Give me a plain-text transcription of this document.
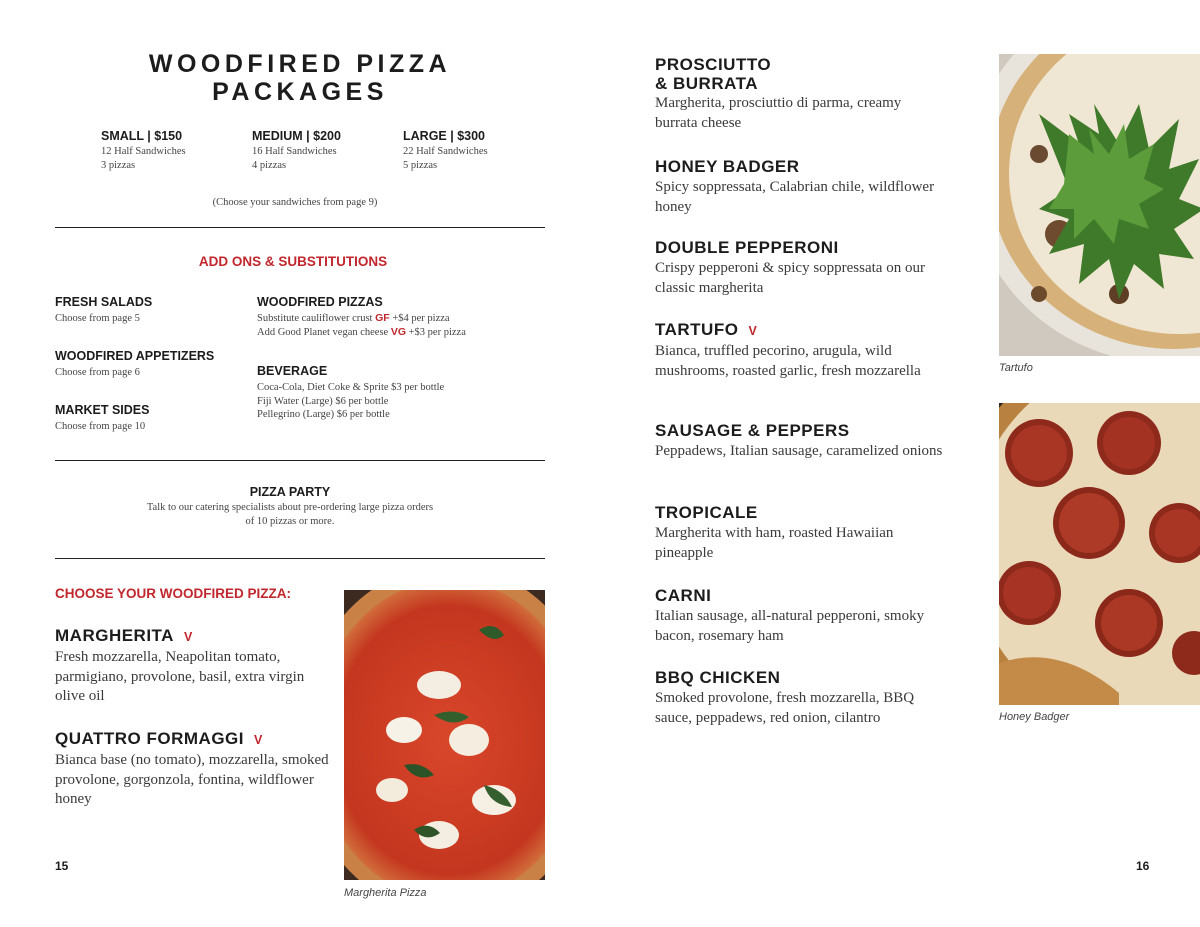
WOODFIRED PIZZA
PACKAGES
SMALL | $150
12 Half Sandwiches
3 pizzas
MEDIUM | $200
16 Half Sandwiches
4 pizzas
LARGE | $300
22 Half Sandwiches
5 pizzas
(Choose your sandwiches from page 9)
ADD ONS & SUBSTITUTIONS
FRESH SALADS
Choose from page 5
WOODFIRED APPETIZERS
Choose from page 6
MARKET SIDES
Choose from page 10
WOODFIRED PIZZAS
Substitute cauliflower crust GF +$4 per pizza
Add Good Planet vegan cheese VG +$3 per pizza
BEVERAGE
Coca-Cola, Diet Coke & Sprite $3 per bottle
Fiji Water (Large) $6 per bottle
Pellegrino (Large) $6 per bottle
PIZZA PARTY
Talk to our catering specialists about pre-ordering large pizza orders
of 10 pizzas or more.
CHOOSE YOUR WOODFIRED PIZZA:
MARGHERITA V
Fresh mozzarella, Neapolitan tomato, parmigiano, provolone, basil, extra virgin olive oil
QUATTRO FORMAGGI V
Bianca base (no tomato), mozzarella, smoked provolone, gorgonzola, fontina, wildflower honey
Margherita Pizza
15
PROSCIUTTO
& BURRATA
Margherita, prosciuttio di parma, creamy burrata cheese
HONEY BADGER
Spicy soppressata, Calabrian chile, wildflower honey
DOUBLE PEPPERONI
Crispy pepperoni & spicy soppressata on our classic margherita
TARTUFO V
Bianca, truffled pecorino, arugula, wild mushrooms, roasted garlic, fresh mozzarella
SAUSAGE & PEPPERS
Peppadews, Italian sausage, caramelized onions
TROPICALE
Margherita with ham, roasted Hawaiian pineapple
CARNI
Italian sausage, all-natural pepperoni, smoky bacon, rosemary ham
BBQ CHICKEN
Smoked provolone, fresh mozzarella, BBQ sauce, peppadews, red onion, cilantro
Tartufo
Honey Badger
16
